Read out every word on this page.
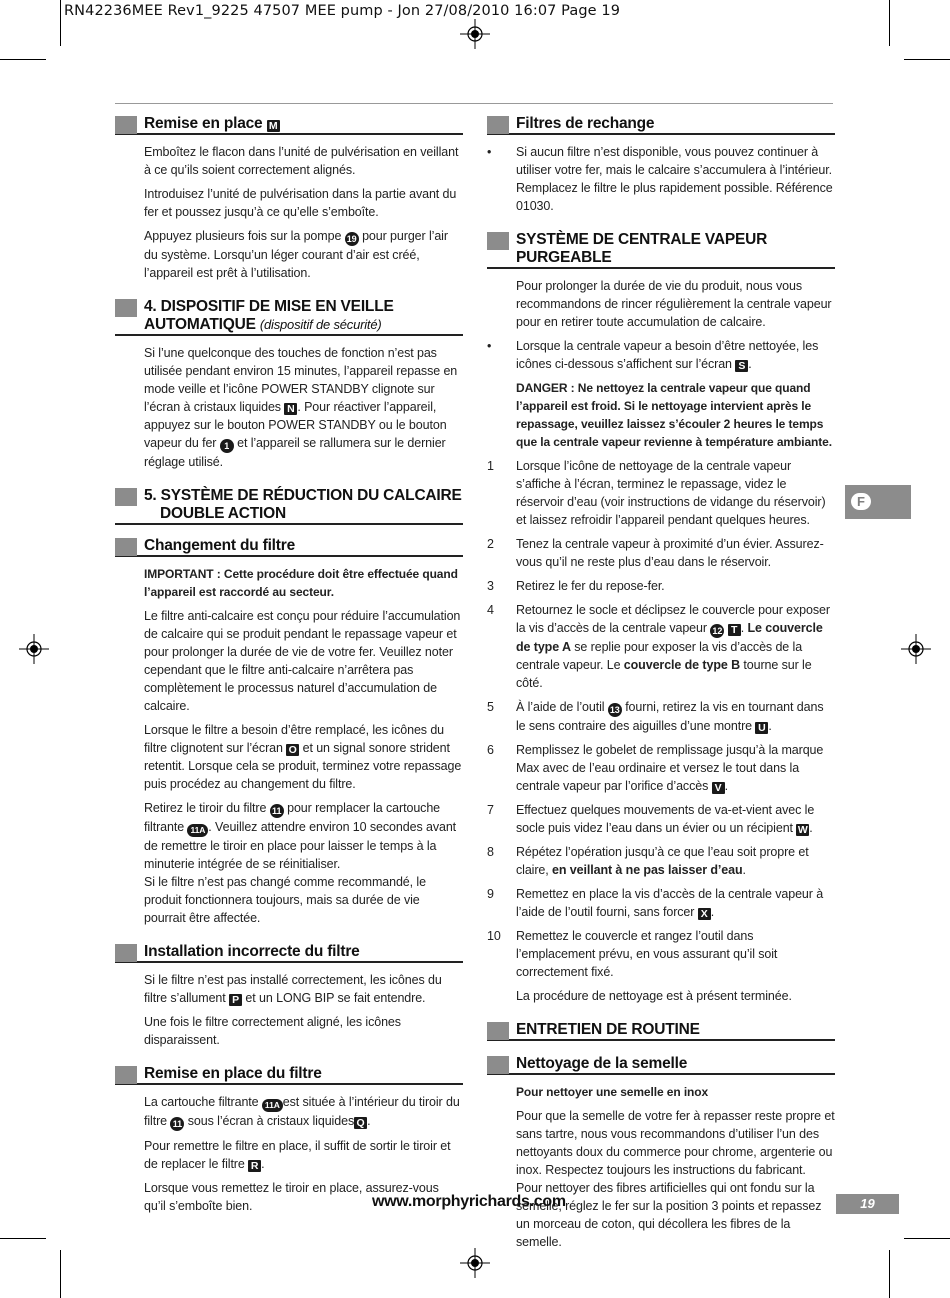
RN42236MEE Rev1_9225 47507 MEE pump - Jon 27/08/2010 16:07 Page 19
Remise en place M

Emboîtez le flacon dans l’unité de pulvérisation en veillant à ce qu’ils soient correctement alignés.

Introduisez l’unité de pulvérisation dans la partie avant du fer et poussez jusqu’à ce qu’elle s’emboîte.

Appuyez plusieurs fois sur la pompe 19 pour purger l’air du système. Lorsqu’un léger courant d’air est créé, l’appareil est prêt à l’utilisation.

4. DISPOSITIF DE MISE EN VEILLE
AUTOMATIQUE (dispositif de sécurité)

Si l’une quelconque des touches de fonction n’est pas utilisée pendant environ 15 minutes, l’appareil repasse en mode veille et l’icône POWER STANDBY clignote sur l’écran à cristaux liquides N . Pour réactiver l’appareil, appuyez sur le bouton POWER STANDBY ou le bouton vapeur du fer 1 et l’appareil se rallumera sur le dernier réglage utilisé.

5. SYSTÈME DE RÉDUCTION DU CALCAIRE
DOUBLE ACTION
Changement du filtre

IMPORTANT : Cette procédure doit être effectuée quand l’appareil est raccordé au secteur.

Le filtre anti-calcaire est conçu pour réduire l’accumulation de calcaire qui se produit pendant le repassage vapeur et pour prolonger la durée de vie de votre fer. Veuillez noter cependant que le filtre anti-calcaire n’arrêtera pas complètement le processus naturel d’accumulation de calcaire.

Lorsque le filtre a besoin d’être remplacé, les icônes du filtre clignotent sur l’écran O et un signal sonore strident retentit. Lorsque cela se produit, terminez votre repassage puis procédez au changement du filtre.

Retirez le tiroir du filtre 11 pour remplacer la cartouche filtrante 11A . Veuillez attendre environ 10 secondes avant de remettre le tiroir en place pour laisser le temps à la minuterie intégrée de se réinitialiser.

Si le filtre n’est pas changé comme recommandé, le produit fonctionnera toujours, mais sa durée de vie pourrait être affectée.

Installation incorrecte du filtre

Si le filtre n’est pas installé correctement, les icônes du filtre s’allument P et un LONG BIP se fait entendre.

Une fois le filtre correctement aligné, les icônes disparaissent.

Remise en place du filtre

La cartouche filtrante 11A est située à l’intérieur du tiroir du filtre 11 sous l’écran à cristaux liquides Q .

Pour remettre le filtre en place, il suffit de sortir le tiroir et de replacer le filtre R .

Lorsque vous remettez le tiroir en place, assurez-vous qu’il s’emboîte bien.

Filtres de rechange
•	Si aucun filtre n’est disponible, vous pouvez continuer à utiliser votre fer, mais le calcaire s’accumulera à l’intérieur. Remplacez le filtre le plus rapidement possible. Référence 01030.
SYSTÈME DE CENTRALE VAPEUR PURGEABLE

Pour prolonger la durée de vie du produit, nous vous recommandons de rincer régulièrement la centrale vapeur pour en retirer toute accumulation de calcaire.

•	Lorsque la centrale vapeur a besoin d’être nettoyée, les icônes ci-dessous s’affichent sur l’écran S .

DANGER : Ne nettoyez la centrale vapeur que quand l’appareil est froid. Si le nettoyage intervient après le repassage, veuillez laissez s’écouler 2 heures le temps que la centrale vapeur revienne à température ambiante.

1	Lorsque l’icône de nettoyage de la centrale vapeur s’affiche à l’écran, terminez le repassage, videz le réservoir d’eau (voir instructions de vidange du réservoir) et laissez refroidir l’appareil pendant quelques heures.
2	Tenez la centrale vapeur à proximité d’un évier. Assurez-vous qu’il ne reste plus d’eau dans le réservoir.
3	Retirez le fer du repose-fer.
4	Retournez le socle et déclipsez le couvercle pour exposer la vis d’accès de la centrale vapeur 12 T . Le couvercle de type A se replie pour exposer la vis d’accès de la centrale vapeur. Le couvercle de type B tourne sur le côté.
5	À l’aide de l’outil 13 fourni, retirez la vis en tournant dans le sens contraire des aiguilles d’une montre U .
6	Remplissez le gobelet de remplissage jusqu’à la marque Max avec de l’eau ordinaire et versez le tout dans la centrale vapeur par l’orifice d’accès V .
7	Effectuez quelques mouvements de va-et-vient avec le socle puis videz l’eau dans un évier ou un récipient W .
8	Répétez l’opération jusqu’à ce que l’eau soit propre et claire, en veillant à ne pas laisser d’eau.
9	Remettez en place la vis d’accès de la centrale vapeur à l’aide de l’outil fourni, sans forcer X .
10	Remettez le couvercle et rangez l’outil dans l’emplacement prévu, en vous assurant qu’il soit correctement fixé.

La procédure de nettoyage est à présent terminée.

ENTRETIEN DE ROUTINE
Nettoyage de la semelle

Pour nettoyer une semelle en inox

Pour que la semelle de votre fer à repasser reste propre et sans tartre, nous vous recommandons d’utiliser l’un des nettoyants doux du commerce pour chrome, argenterie ou inox. Respectez toujours les instructions du fabricant. Pour nettoyer des fibres artificielles qui ont fondu sur la semelle, réglez le fer sur la position 3 points et repassez un morceau de coton, qui décollera les fibres de la semelle.

F
www.morphyrichards.com	19
